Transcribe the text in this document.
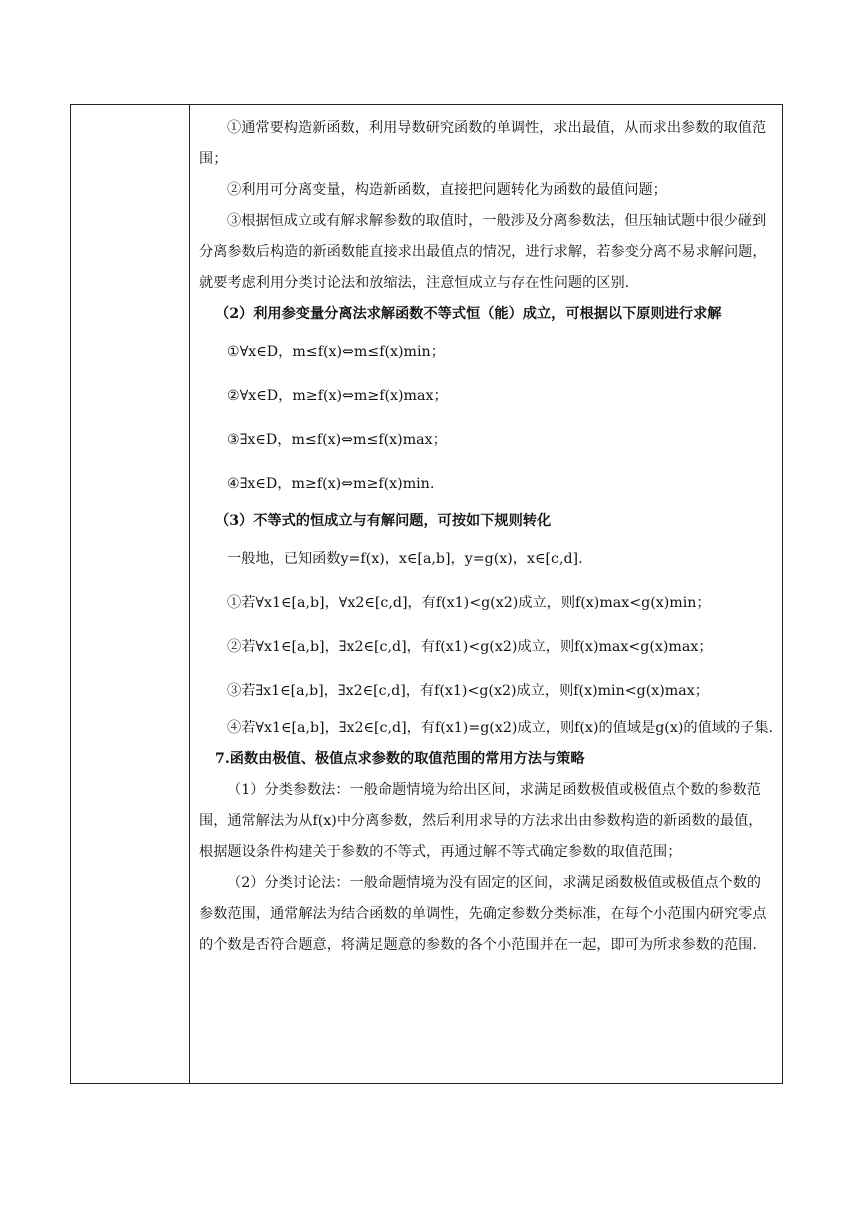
①通常要构造新函数，利用导数研究函数的单调性，求出最值，从而求出参数的取值范围；

②利用可分离变量，构造新函数，直接把问题转化为函数的最值问题；

③根据恒成立或有解求解参数的取值时，一般涉及分离参数法，但压轴试题中很少碰到分离参数后构造的新函数能直接求出最值点的情况，进行求解，若参变分离不易求解问题，就要考虑利用分类讨论法和放缩法，注意恒成立与存在性问题的区别.

（2）利用参变量分离法求解函数不等式恒（能）成立，可根据以下原则进行求解

①∀x∈D，m≤f(x)⇔m≤f(x)min；

②∀x∈D，m≥f(x)⇔m≥f(x)max；

③∃x∈D，m≤f(x)⇔m≤f(x)max；

④∃x∈D，m≥f(x)⇔m≥f(x)min.

（3）不等式的恒成立与有解问题，可按如下规则转化

一般地，已知函数y=f(x)，x∈[a,b]，y=g(x)，x∈[c,d].

①若∀x1∈[a,b]，∀x2∈[c,d]，有f(x1)<g(x2)成立，则f(x)max<g(x)min；

②若∀x1∈[a,b]，∃x2∈[c,d]，有f(x1)<g(x2)成立，则f(x)max<g(x)max；

③若∃x1∈[a,b]，∃x2∈[c,d]，有f(x1)<g(x2)成立，则f(x)min<g(x)max；

④若∀x1∈[a,b]，∃x2∈[c,d]，有f(x1)=g(x2)成立，则f(x)的值域是g(x)的值域的子集.

7.函数由极值、极值点求参数的取值范围的常用方法与策略

（1）分类参数法：一般命题情境为给出区间，求满足函数极值或极值点个数的参数范围，通常解法为从f(x)中分离参数，然后利用求导的方法求出由参数构造的新函数的最值，根据题设条件构建关于参数的不等式，再通过解不等式确定参数的取值范围；

（2）分类讨论法：一般命题情境为没有固定的区间，求满足函数极值或极值点个数的参数范围，通常解法为结合函数的单调性，先确定参数分类标准，在每个小范围内研究零点的个数是否符合题意，将满足题意的参数的各个小范围并在一起，即可为所求参数的范围.
